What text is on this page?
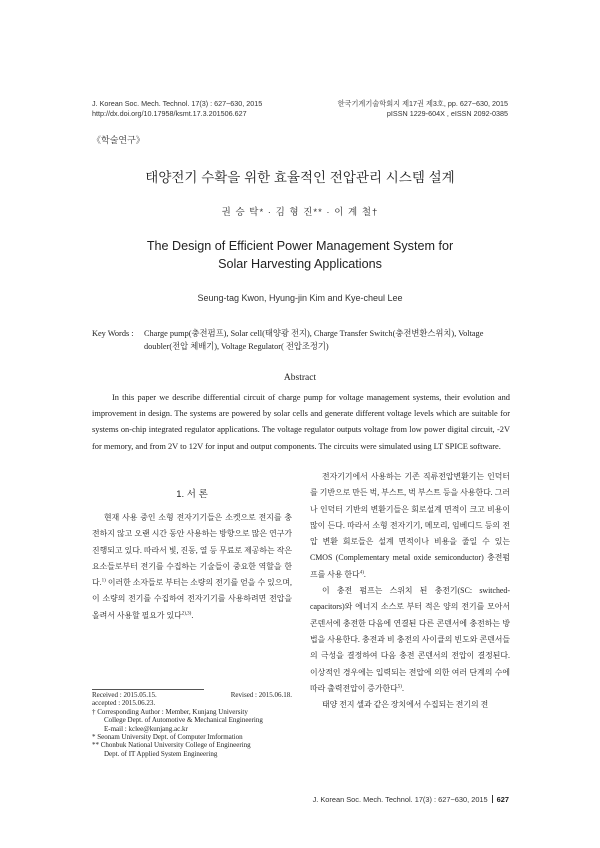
J. Korean Soc. Mech. Technol. 17(3) : 627~630, 2015
http://dx.doi.org/10.17958/ksmt.17.3.201506.627
한국기계기술학회지 제17권 제3호, pp. 627~630, 2015
pISSN 1229-604X , eISSN 2092-0385
《학술연구》
태양전기 수확을 위한 효율적인 전압관리 시스템 설계
권 승 탁* · 김 형 진** · 이 계 철†
The Design of Efficient Power Management System for
Solar Harvesting Applications
Seung-tag Kwon, Hyung-jin Kim and Kye-cheul Lee
Key Words : Charge pump(충전펌프), Solar cell(태양광 전지), Charge Transfer Switch(충전변환스위치), Voltage doubler(전압 체배기), Voltage Regulator( 전압조정기)
Abstract
In this paper we describe differential circuit of charge pump for voltage management systems, their evolution and improvement in design. The systems are powered by solar cells and generate different voltage levels which are suitable for systems on-chip integrated regulator applications. The voltage regulator outputs voltage from low power digital circuit, -2V for memory, and from 2V to 12V for input and output components. The circuits were simulated using LT SPICE software.
1. 서 론

현재 사용 중인 소형 전자기기들은 소켓으로 전지를 충전하지 않고 오랜 시간 동안 사용하는 방향으로 많은 연구가 진행되고 있다. 따라서 빛, 진동, 열 등 무료로 제공하는 작은 요소들로부터 전기를 수집하는 기술들이 중요한 역할을 한다.$^{1)}$ 이러한 소자들로 부터는 소량의 전기를 얻을 수 있으며, 이 소량의 전기를 수집하여 전자기기를 사용하려면 전압을 올려서 사용할 필요가 있다$^{2),3)}$.

Received : 2015.05.15.	Revised : 2015.06.18.
accepted : 2015.06.23.
† Corresponding Author : Member, Kunjang University
College Dept. of Automotive & Mechanical Engineering
E-mail : kclee@kunjang.ac.kr
* Seonam University Dept. of Computer Imformation
** Chonbuk National University College of Engineering
Dept. of IT Applied System Engineering

전자기기에서 사용하는 기존 직류전압변환기는 인덕터를 기반으로 만든 벅, 부스트, 벅 부스트 등을 사용한다. 그러나 인덕터 기반의 변환기들은 회로설계 면적이 크고 비용이 많이 든다. 따라서 소형 전자기기, 메모리, 임베디드 등의 전압 변환 회로들은 설계 면적이나 비용을 줄일 수 있는 CMOS (Complementary metal oxide semiconductor) 충전펌프를 사용 한다$^{4)}$.

이 충전 펌프는 스위치 된 충전기(SC: switched-capacitors)와 에너지 소스로 부터 적은 양의 전기를 모아서 콘덴서에 충전한 다음에 연결된 다른 콘덴서에 충전하는 방법을 사용한다. 충전과 비 충전의 사이클의 빈도와 콘덴서들의 극성을 결정하여 다음 충전 콘덴서의 전압이 결정된다. 이상적인 경우에는 입력되는 전압에 의한 여러 단계의 수에 따라 출력전압이 증가한다$^{5)}$.

태양 전지 셀과 같은 장치에서 수집되는 전기의 전

J. Korean Soc. Mech. Technol. 17(3) : 627~630, 2015 627
